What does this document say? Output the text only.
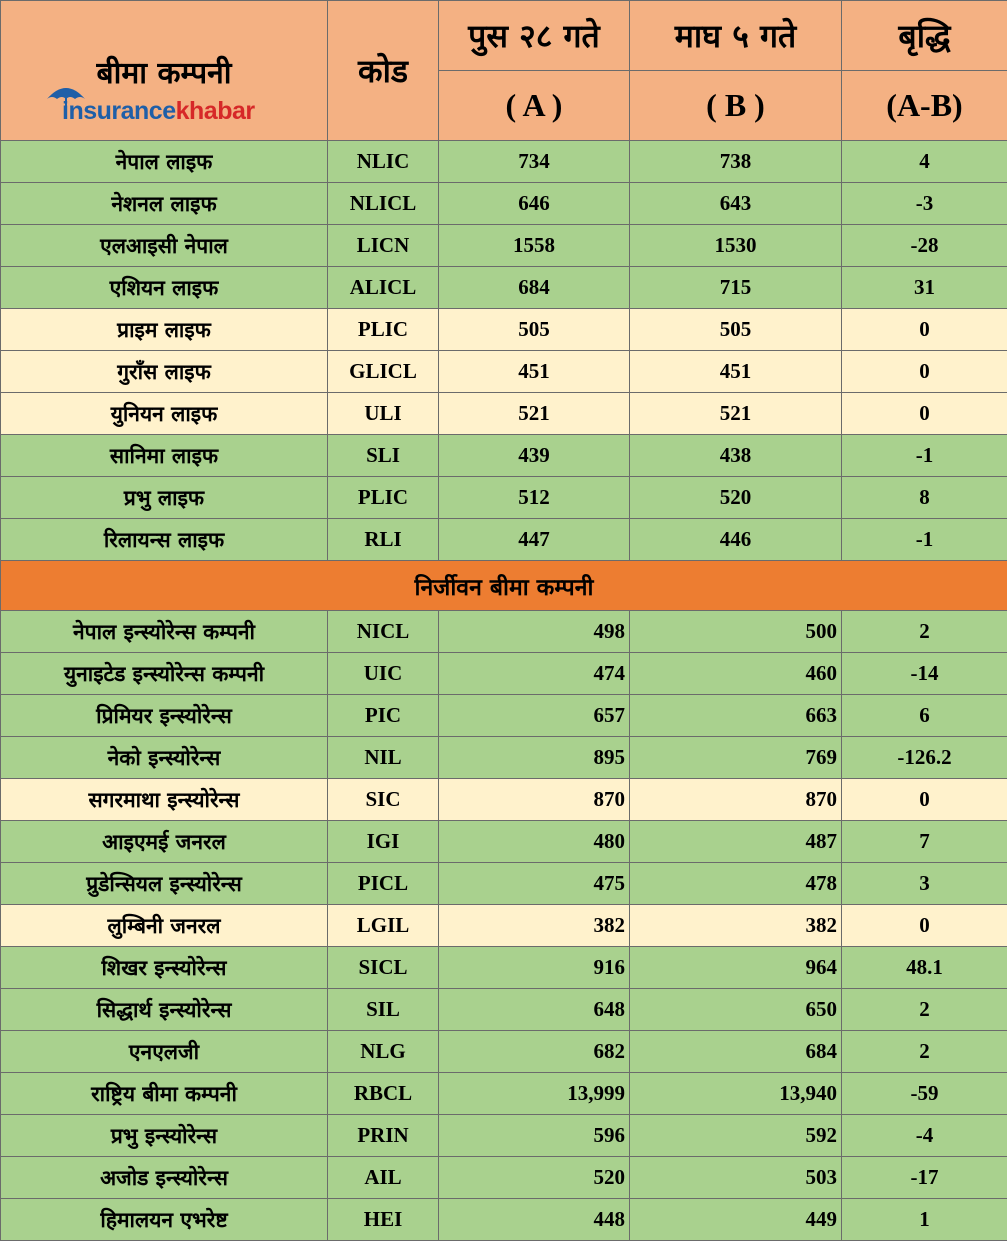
बीमा कम्पनी
insurancekhabar	कोड	पुस २८ गते	माघ ५ गते	बृद्धि
		( A )	( B )	(A-B)
नेपाल लाइफ	NLIC	734	738	4
नेशनल लाइफ	NLICL	646	643	-3
एलआइसी नेपाल	LICN	1558	1530	-28
एशियन लाइफ	ALICL	684	715	31
प्राइम लाइफ	PLIC	505	505	0
गुराँस लाइफ	GLICL	451	451	0
युनियन लाइफ	ULI	521	521	0
सानिमा लाइफ	SLI	439	438	-1
प्रभु लाइफ	PLIC	512	520	8
रिलायन्स लाइफ	RLI	447	446	-1
निर्जीवन बीमा कम्पनी				
नेपाल इन्स्योरेन्स कम्पनी	NICL	498	500	2
युनाइटेड इन्स्योरेन्स कम्पनी	UIC	474	460	-14
प्रिमियर इन्स्योरेन्स	PIC	657	663	6
नेको इन्स्योरेन्स	NIL	895	769	-126.2
सगरमाथा इन्स्योरेन्स	SIC	870	870	0
आइएमई जनरल	IGI	480	487	7
प्रुडेन्सियल इन्स्योरेन्स	PICL	475	478	3
लुम्बिनी जनरल	LGIL	382	382	0
शिखर इन्स्योरेन्स	SICL	916	964	48.1
सिद्धार्थ इन्स्योरेन्स	SIL	648	650	2
एनएलजी	NLG	682	684	2
राष्ट्रिय बीमा कम्पनी	RBCL	13,999	13,940	-59
प्रभु इन्स्योरेन्स	PRIN	596	592	-4
अजोड इन्स्योरेन्स	AIL	520	503	-17
हिमालयन एभरेष्ट	HEI	448	449	1
